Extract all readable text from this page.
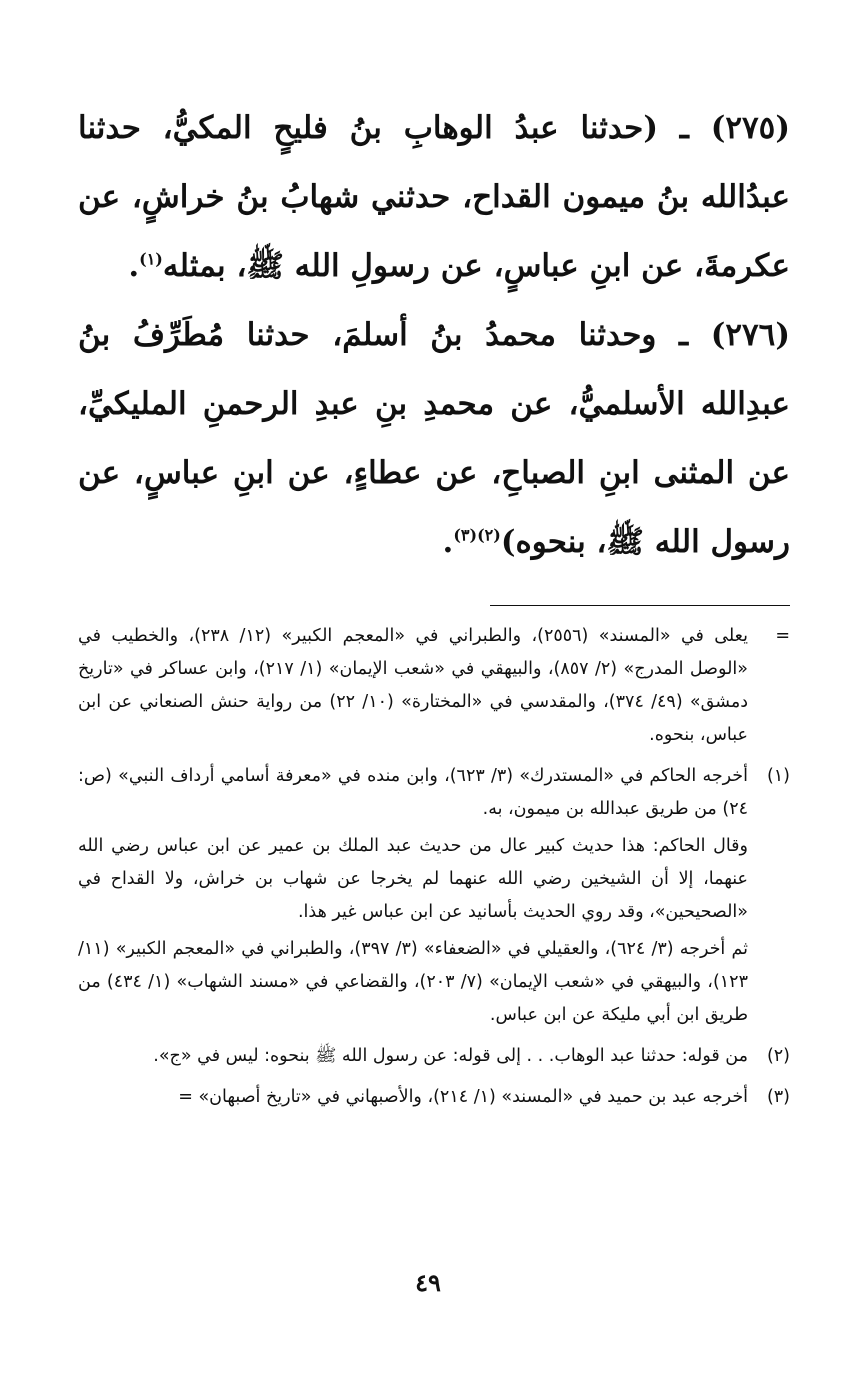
(٢٧٥) ـ (حدثنا عبدُ الوهابِ بنُ فليحٍ المكيُّ، حدثنا عبدُالله بنُ ميمون القداح، حدثني شهابُ بنُ خراشٍ، عن عكرمةَ، عن ابنِ عباسٍ، عن رسولِ الله ﷺ، بمثله$^{(١)}$.

(٢٧٦) ـ وحدثنا محمدُ بنُ أسلمَ، حدثنا مُطَرِّفُ بنُ عبدِالله الأسلميُّ، عن محمدِ بنِ عبدِ الرحمنِ المليكيِّ، عن المثنى ابنِ الصباحِ، عن عطاءٍ، عن ابنِ عباسٍ، عن رسول الله ﷺ، بنحوه)$^{(٢)(٣)}$.

=

يعلى في «المسند» (٢٥٥٦)، والطبراني في «المعجم الكبير» (١٢/ ٢٣٨)، والخطيب في «الوصل المدرج» (٢/ ٨٥٧)، والبيهقي في «شعب الإيمان» (١/ ٢١٧)، وابن عساكر في «تاريخ دمشق» (٤٩/ ٣٧٤)، والمقدسي في «المختارة» (١٠/ ٢٢) من رواية حنش الصنعاني عن ابن عباس، بنحوه.

(١)

أخرجه الحاكم في «المستدرك» (٣/ ٦٢٣)، وابن منده في «معرفة أسامي أرداف النبي» (ص: ٢٤) من طريق عبدالله بن ميمون، به.

وقال الحاكم: هذا حديث كبير عال من حديث عبد الملك بن عمير عن ابن عباس رضي الله عنهما، إلا أن الشيخين رضي الله عنهما لم يخرجا عن شهاب بن خراش، ولا القداح في «الصحيحين»، وقد روي الحديث بأسانيد عن ابن عباس غير هذا.

ثم أخرجه (٣/ ٦٢٤)، والعقيلي في «الضعفاء» (٣/ ٣٩٧)، والطبراني في «المعجم الكبير» (١١/ ١٢٣)، والبيهقي في «شعب الإيمان» (٧/ ٢٠٣)، والقضاعي في «مسند الشهاب» (١/ ٤٣٤) من طريق ابن أبي مليكة عن ابن عباس.

(٢)

من قوله: حدثنا عبد الوهاب. . . إلى قوله: عن رسول الله ﷺ بنحوه: ليس في «ج».

(٣)

أخرجه عبد بن حميد في «المسند» (١/ ٢١٤)، والأصبهاني في «تاريخ أصبهان» =

٤٩
